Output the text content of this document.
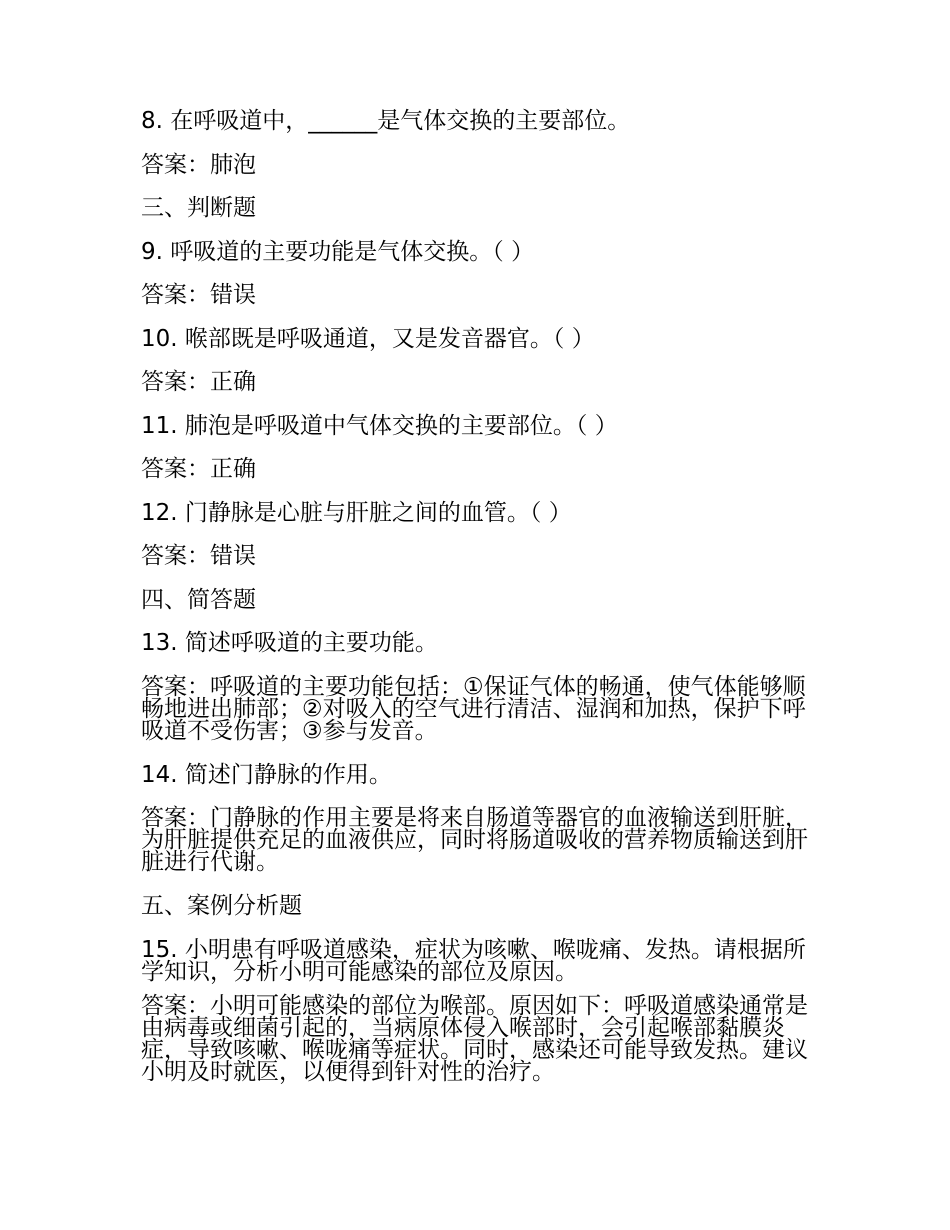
8. 在呼吸道中，______是气体交换的主要部位。
答案：肺泡
三、判断题
9. 呼吸道的主要功能是气体交换。（ ）
答案：错误
10. 喉部既是呼吸通道，又是发音器官。（ ）
答案：正确
11. 肺泡是呼吸道中气体交换的主要部位。（ ）
答案：正确
12. 门静脉是心脏与肝脏之间的血管。（ ）
答案：错误
四、简答题
13. 简述呼吸道的主要功能。
答案：呼吸道的主要功能包括：①保证气体的畅通，使气体能够顺畅地进出肺部；②对吸入的空气进行清洁、湿润和加热，保护下呼吸道不受伤害；③参与发音。
14. 简述门静脉的作用。
答案：门静脉的作用主要是将来自肠道等器官的血液输送到肝脏，为肝脏提供充足的血液供应，同时将肠道吸收的营养物质输送到肝脏进行代谢。
五、案例分析题
15. 小明患有呼吸道感染，症状为咳嗽、喉咙痛、发热。请根据所学知识，分析小明可能感染的部位及原因。
答案：小明可能感染的部位为喉部。原因如下：呼吸道感染通常是由病毒或细菌引起的，当病原体侵入喉部时，会引起喉部黏膜炎症，导致咳嗽、喉咙痛等症状。同时，感染还可能导致发热。建议小明及时就医，以便得到针对性的治疗。
